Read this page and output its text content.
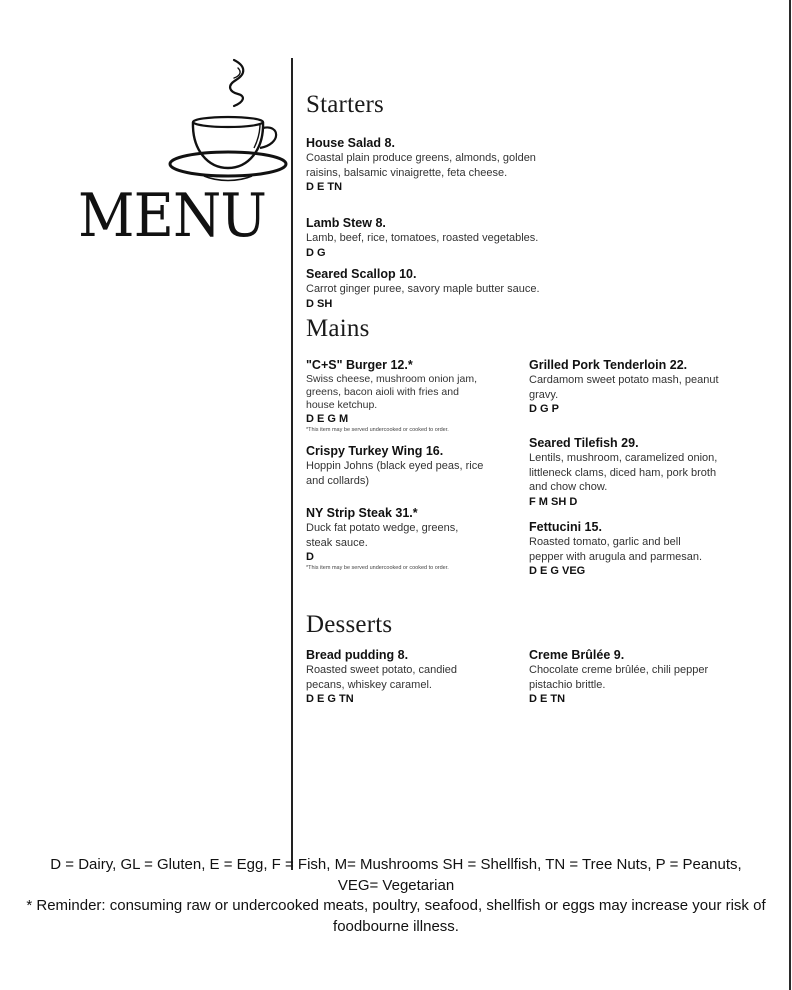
MENU
Starters
House Salad 8.
Coastal plain produce greens, almonds, golden raisins, balsamic vinaigrette, feta cheese.
D E TN
Lamb Stew 8.
Lamb, beef, rice, tomatoes, roasted vegetables.
D G
Seared Scallop 10.
Carrot ginger puree, savory maple butter sauce.
D SH
Mains
"C+S" Burger 12.*
Swiss cheese, mushroom onion jam, greens, bacon aioli with fries and house ketchup.
D E G M
*This item may be served undercooked or cooked to order.
Crispy Turkey Wing 16.
Hoppin Johns (black eyed peas, rice and collards)
NY Strip Steak 31.*
Duck fat potato wedge, greens, steak sauce.
D
*This item may be served undercooked or cooked to order.
Grilled Pork Tenderloin 22.
Cardamom sweet potato mash, peanut gravy.
D G P
Seared Tilefish 29.
Lentils, mushroom, caramelized onion, littleneck clams, diced ham, pork broth and chow chow.
F M SH D
Fettucini 15.
Roasted tomato, garlic and bell pepper with arugula and parmesan.
D E G VEG
Desserts
Bread pudding 8.
Roasted sweet potato, candied pecans, whiskey caramel.
D E G TN
Creme Brûlée 9.
Chocolate creme brûlée, chili pepper pistachio brittle.
D E TN
D = Dairy, GL = Gluten, E = Egg, F = Fish, M= Mushrooms SH = Shellfish, TN = Tree Nuts, P = Peanuts,
VEG= Vegetarian
* Reminder: consuming raw or undercooked meats, poultry, seafood, shellfish or eggs may increase your risk of
foodbourne illness.
